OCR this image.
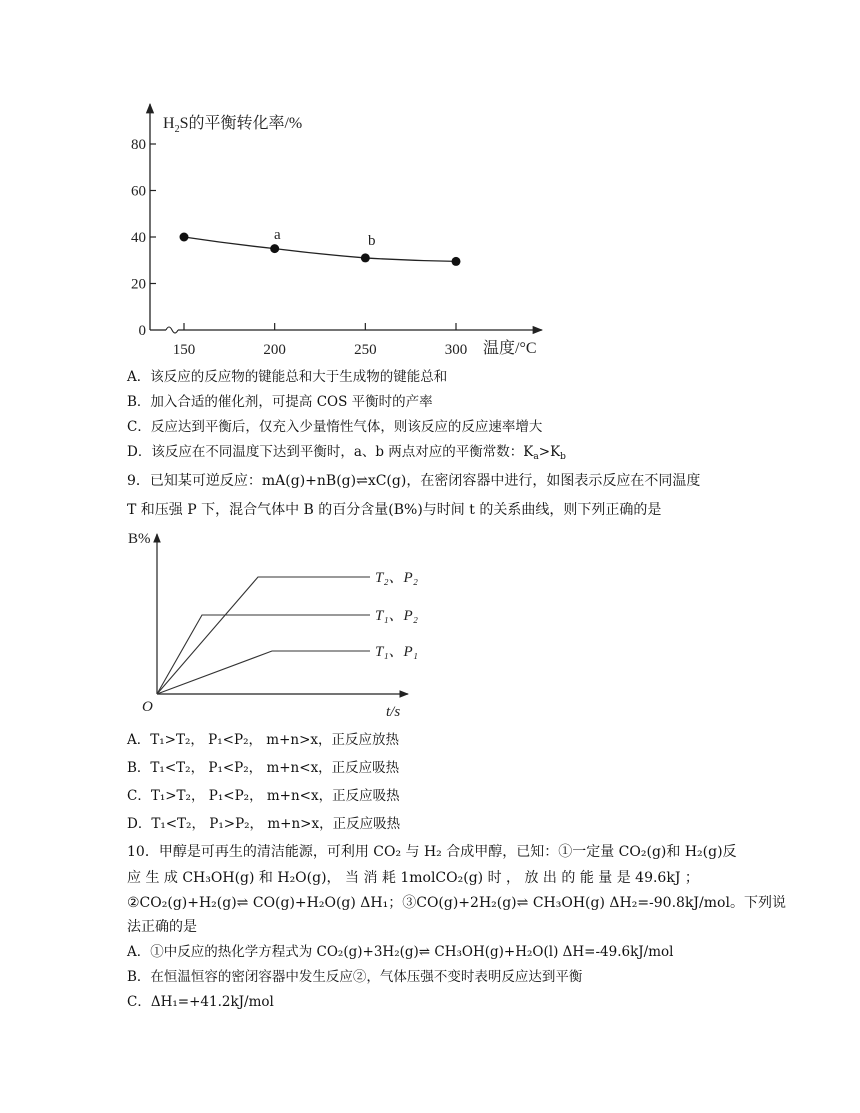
0
20
40
60
80
150	200	250	300
$H_2S$的平衡转化率/%
温度/°C
a	b
A．该反应的反应物的键能总和大于生成物的键能总和
B．加入合适的催化剂，可提高 COS 平衡时的产率
C．反应达到平衡后，仅充入少量惰性气体，则该反应的反应速率增大
D．该反应在不同温度下达到平衡时，a、b 两点对应的平衡常数：$K_a>K_b$
9．已知某可逆反应：mA(g)+nB(g)⇌xC(g)，在密闭容器中进行，如图表示反应在不同温度
T 和压强 P 下，混合气体中 B 的百分含量(B%)与时间 t 的关系曲线，则下列正确的是
B%
t/s
O
T₂、P₂
T₁、P₂
T₁、P₁
A．T₁>T₂， P₁<P₂， m+n>x，正反应放热
B．T₁<T₂， P₁<P₂， m+n<x，正反应吸热
C．T₁>T₂， P₁<P₂， m+n<x，正反应吸热
D．T₁<T₂， P₁>P₂， m+n>x，正反应吸热
10．甲醇是可再生的清洁能源，可利用 CO₂ 与 H₂ 合成甲醇，已知：①一定量 CO₂(g)和 H₂(g)反
应 生 成 CH₃OH(g) 和 H₂O(g)， 当 消 耗 1molCO₂(g) 时 ， 放 出 的 能 量 是 49.6kJ ；
②CO₂(g)+H₂(g)⇌ CO(g)+H₂O(g) ΔH₁；③CO(g)+2H₂(g)⇌ CH₃OH(g) ΔH₂=-90.8kJ/mol。下列说
法正确的是
A．①中反应的热化学方程式为 CO₂(g)+3H₂(g)⇌ CH₃OH(g)+H₂O(l) ΔH=-49.6kJ/mol
B．在恒温恒容的密闭容器中发生反应②，气体压强不变时表明反应达到平衡
C．ΔH₁=+41.2kJ/mol
